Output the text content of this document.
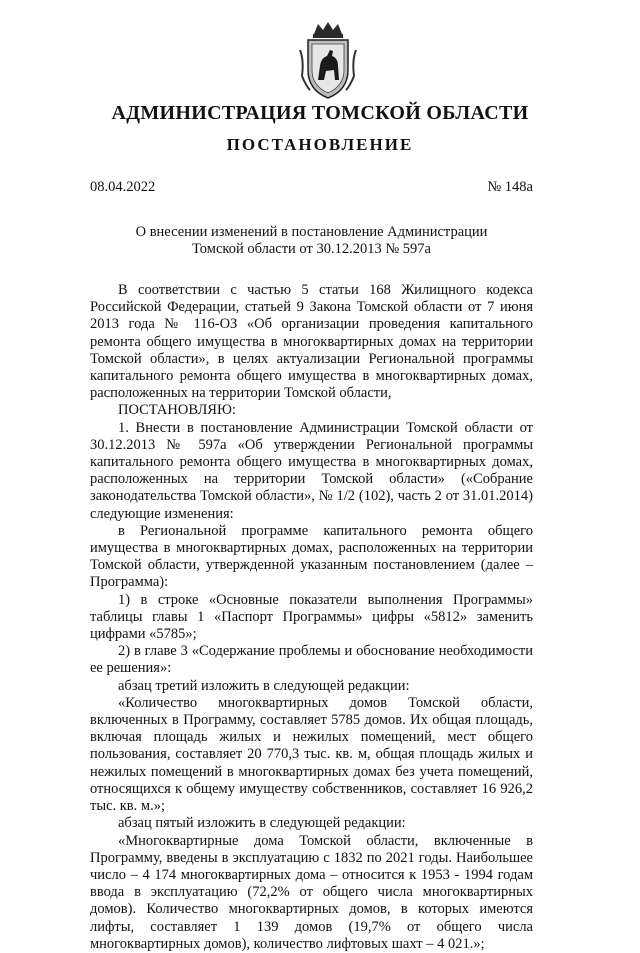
АДМИНИСТРАЦИЯ ТОМСКОЙ ОБЛАСТИ
ПОСТАНОВЛЕНИЕ
08.04.2022	№ 148а
О внесении изменений в постановление Администрации
Томской области от 30.12.2013 № 597а

В соответствии с частью 5 статьи 168 Жилищного кодекса Российской Федерации, статьей 9 Закона Томской области от 7 июня 2013 года № 116-ОЗ «Об организации проведения капитального ремонта общего имущества в многоквартирных домах на территории Томской области», в целях актуализации Региональной программы капитального ремонта общего имущества в многоквартирных домах, расположенных на территории Томской области,

ПОСТАНОВЛЯЮ:

1. Внести в постановление Администрации Томской области от 30.12.2013 № 597а «Об утверждении Региональной программы капитального ремонта общего имущества в многоквартирных домах, расположенных на территории Томской области» («Собрание законодательства Томской области», № 1/2 (102), часть 2 от 31.01.2014) следующие изменения:

в Региональной программе капитального ремонта общего имущества в многоквартирных домах, расположенных на территории Томской области, утвержденной указанным постановлением (далее – Программа):

1) в строке «Основные показатели выполнения Программы» таблицы главы 1 «Паспорт Программы» цифры «5812» заменить цифрами «5785»;

2) в главе 3 «Содержание проблемы и обоснование необходимости ее решения»:

абзац третий изложить в следующей редакции:

«Количество многоквартирных домов Томской области, включенных в Программу, составляет 5785 домов. Их общая площадь, включая площадь жилых и нежилых помещений, мест общего пользования, составляет 20 770,3 тыс. кв. м, общая площадь жилых и нежилых помещений в многоквартирных домах без учета помещений, относящихся к общему имуществу собственников, составляет 16 926,2 тыс. кв. м.»;

абзац пятый изложить в следующей редакции:

«Многоквартирные дома Томской области, включенные в Программу, введены в эксплуатацию с 1832 по 2021 годы. Наибольшее число – 4 174 многоквартирных дома – относится к 1953 - 1994 годам ввода в эксплуатацию (72,2% от общего числа многоквартирных домов). Количество многоквартирных домов, в которых имеются лифты, составляет 1 139 домов (19,7% от общего числа многоквартирных домов), количество лифтовых шахт – 4 021.»;
